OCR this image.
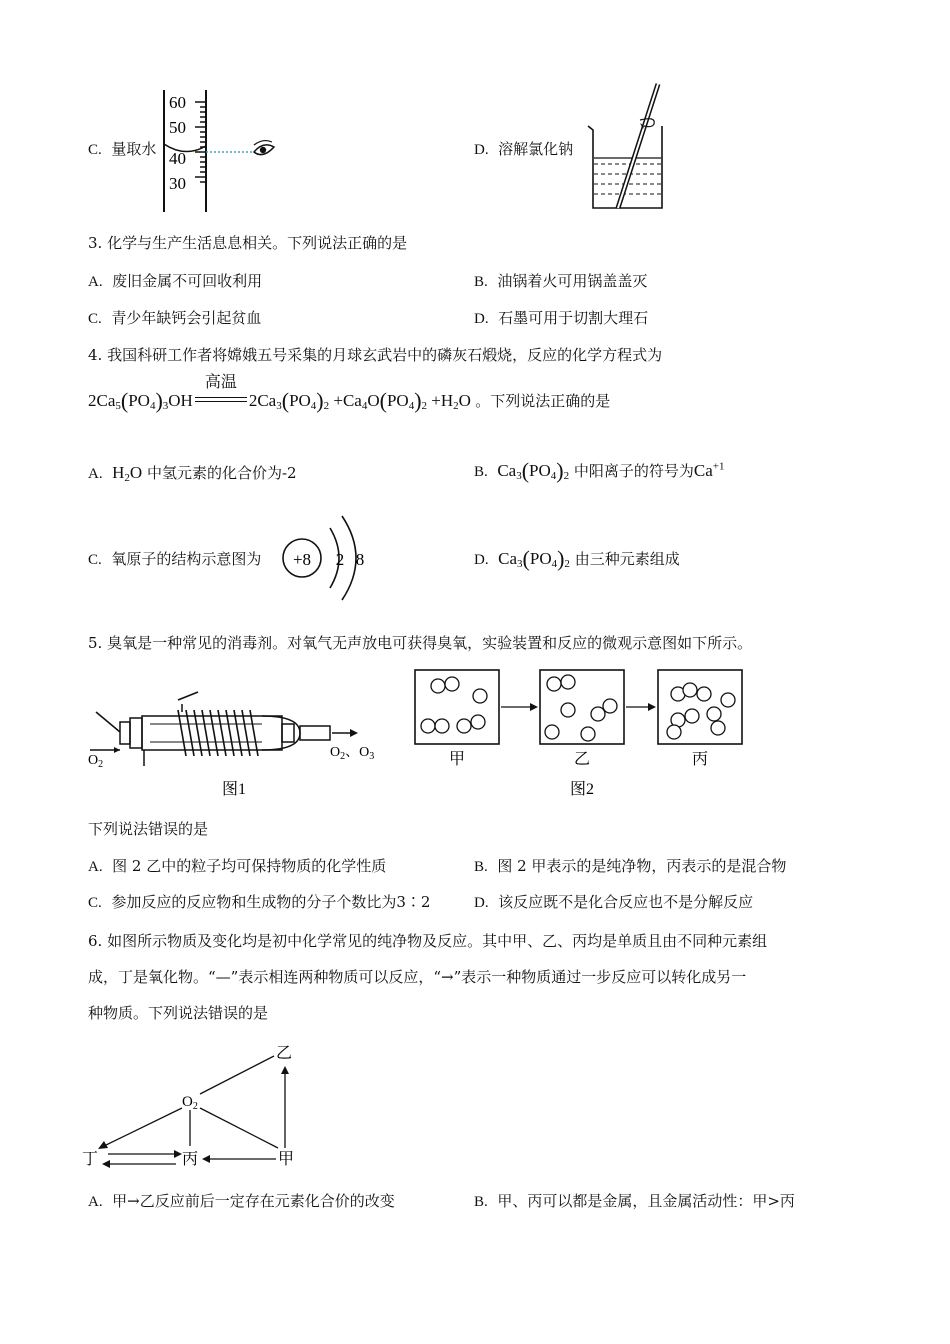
C. 量取水
60
50
40
30
D. 溶解氯化钠
3. 化学与生产生活息息相关。下列说法正确的是
A. 废旧金属不可回收利用	B. 油锅着火可用锅盖盖灭
C. 青少年缺钙会引起贫血	D. 石墨可用于切割大理石
4. 我国科研工作者将嫦娥五号采集的月球玄武岩中的磷灰石煅烧，反应的化学方程式为
$2Ca_5(PO_4)_3OH$
高温
$2Ca_3(PO_4)_2 +Ca_4O(PO_4)_2 +H_2O$ 。下列说法正确的是
A. $H_2O$ 中氢元素的化合价为-2	B. $Ca_3(PO_4)_2$ 中阳离子的符号为$Ca^{+1}$
C. 氧原子的结构示意图为 +8 2 8	D. $Ca_3(PO_4)_2$ 由三种元素组成
5. 臭氧是一种常见的消毒剂。对氧气无声放电可获得臭氧，实验装置和反应的微观示意图如下所示。
$O_2$
$O_2$、$O_3$
图1
甲	乙	丙
图2
下列说法错误的是
A. 图 2 乙中的粒子均可保持物质的化学性质	B. 图 2 甲表示的是纯净物，丙表示的是混合物
C. 参加反应的反应物和生成物的分子个数比为3∶2	D. 该反应既不是化合反应也不是分解反应
6. 如图所示物质及变化均是初中化学常见的纯净物及反应。其中甲、乙、丙均是单质且由不同种元素组
成，丁是氧化物。“—”表示相连两种物质可以反应，“→”表示一种物质通过一步反应可以转化成另一
种物质。下列说法错误的是
乙
$O_2$
丁	丙	甲
A. 甲→乙反应前后一定存在元素化合价的改变	B. 甲、丙可以都是金属，且金属活动性：甲>丙
